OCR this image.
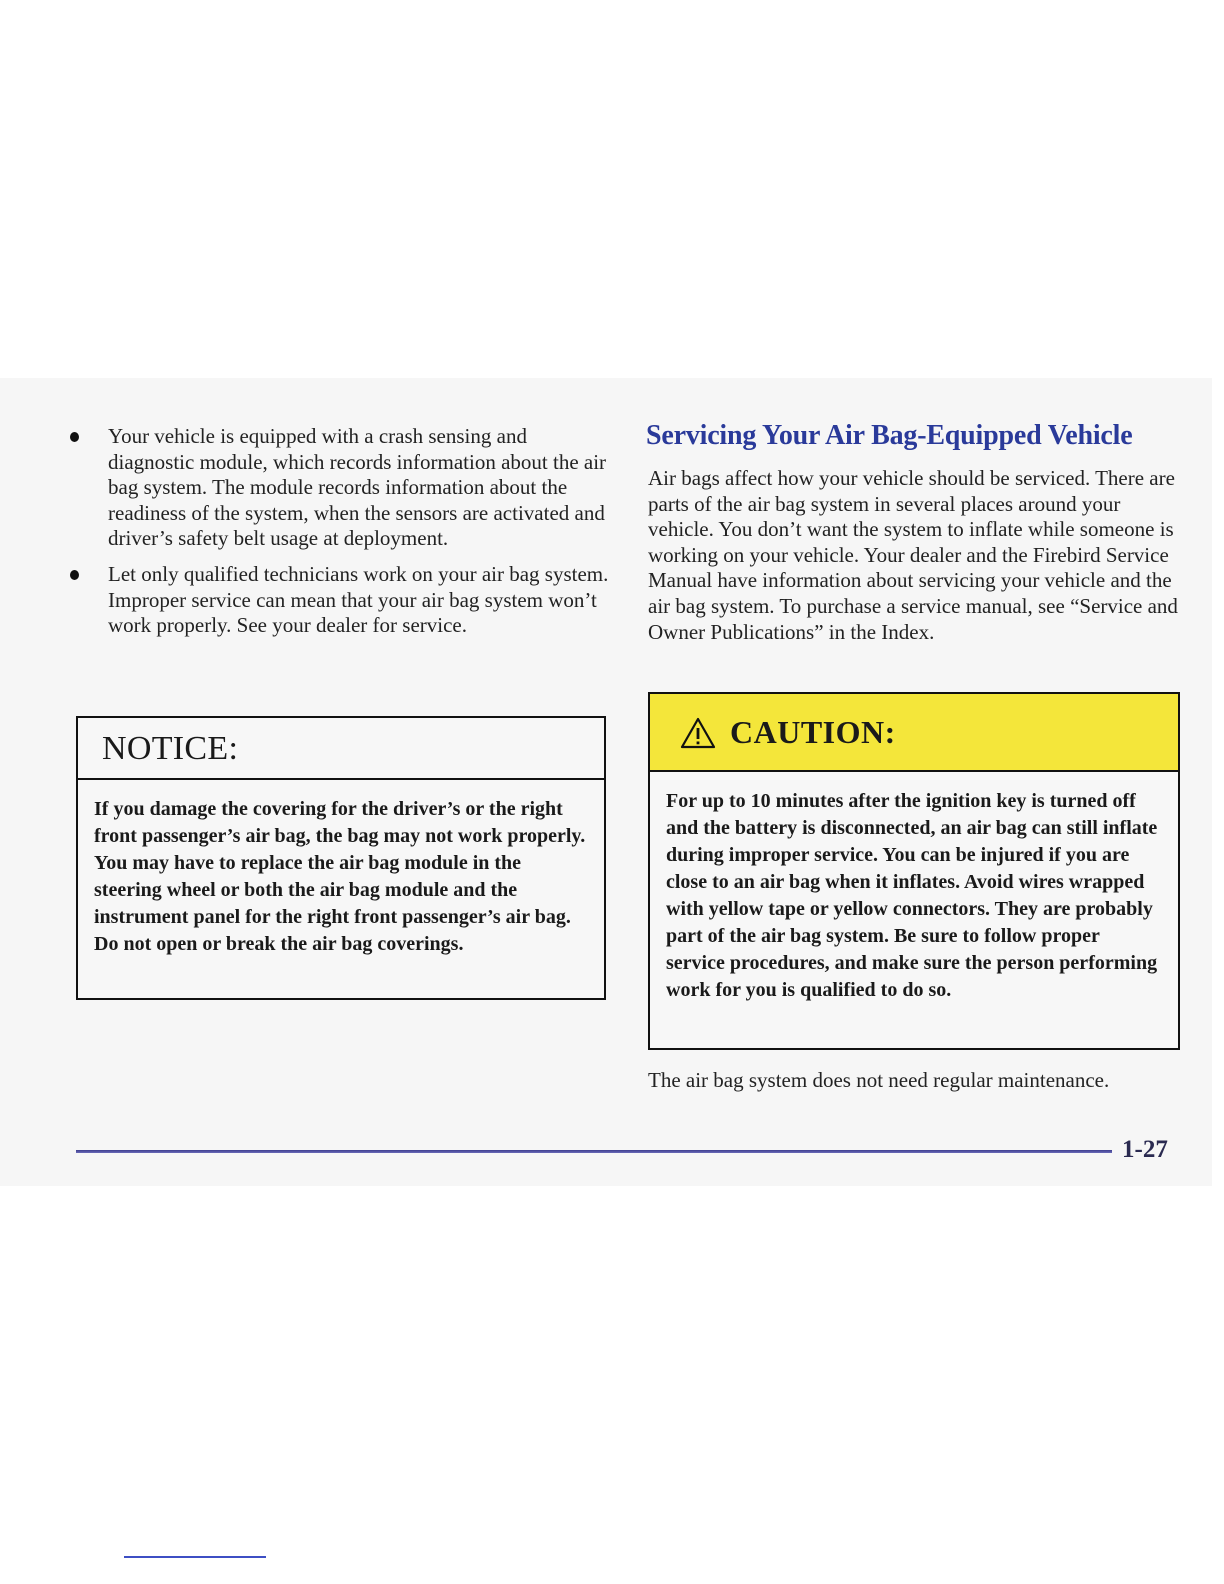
Your vehicle is equipped with a crash sensing and diagnostic module, which records information about the air bag system. The module records information about the readiness of the system, when the sensors are activated and driver’s safety belt usage at deployment.
Let only qualified technicians work on your air bag system. Improper service can mean that your air bag system won’t work properly. See your dealer for service.
NOTICE:
If you damage the covering for the driver’s or the right front passenger’s air bag, the bag may not work properly. You may have to replace the air bag module in the steering wheel or both the air bag module and the instrument panel for the right front passenger’s air bag. Do not open or break the air bag coverings.
Servicing Your Air Bag-Equipped Vehicle

Air bags affect how your vehicle should be serviced. There are parts of the air bag system in several places around your vehicle. You don’t want the system to inflate while someone is working on your vehicle. Your dealer and the Firebird Service Manual have information about servicing your vehicle and the air bag system. To purchase a service manual, see “Service and Owner Publications” in the Index.

CAUTION:
For up to 10 minutes after the ignition key is turned off and the battery is disconnected, an air bag can still inflate during improper service. You can be injured if you are close to an air bag when it inflates. Avoid wires wrapped with yellow tape or yellow connectors. They are probably part of the air bag system. Be sure to follow proper service procedures, and make sure the person performing work for you is qualified to do so.
The air bag system does not need regular maintenance.
1-27
